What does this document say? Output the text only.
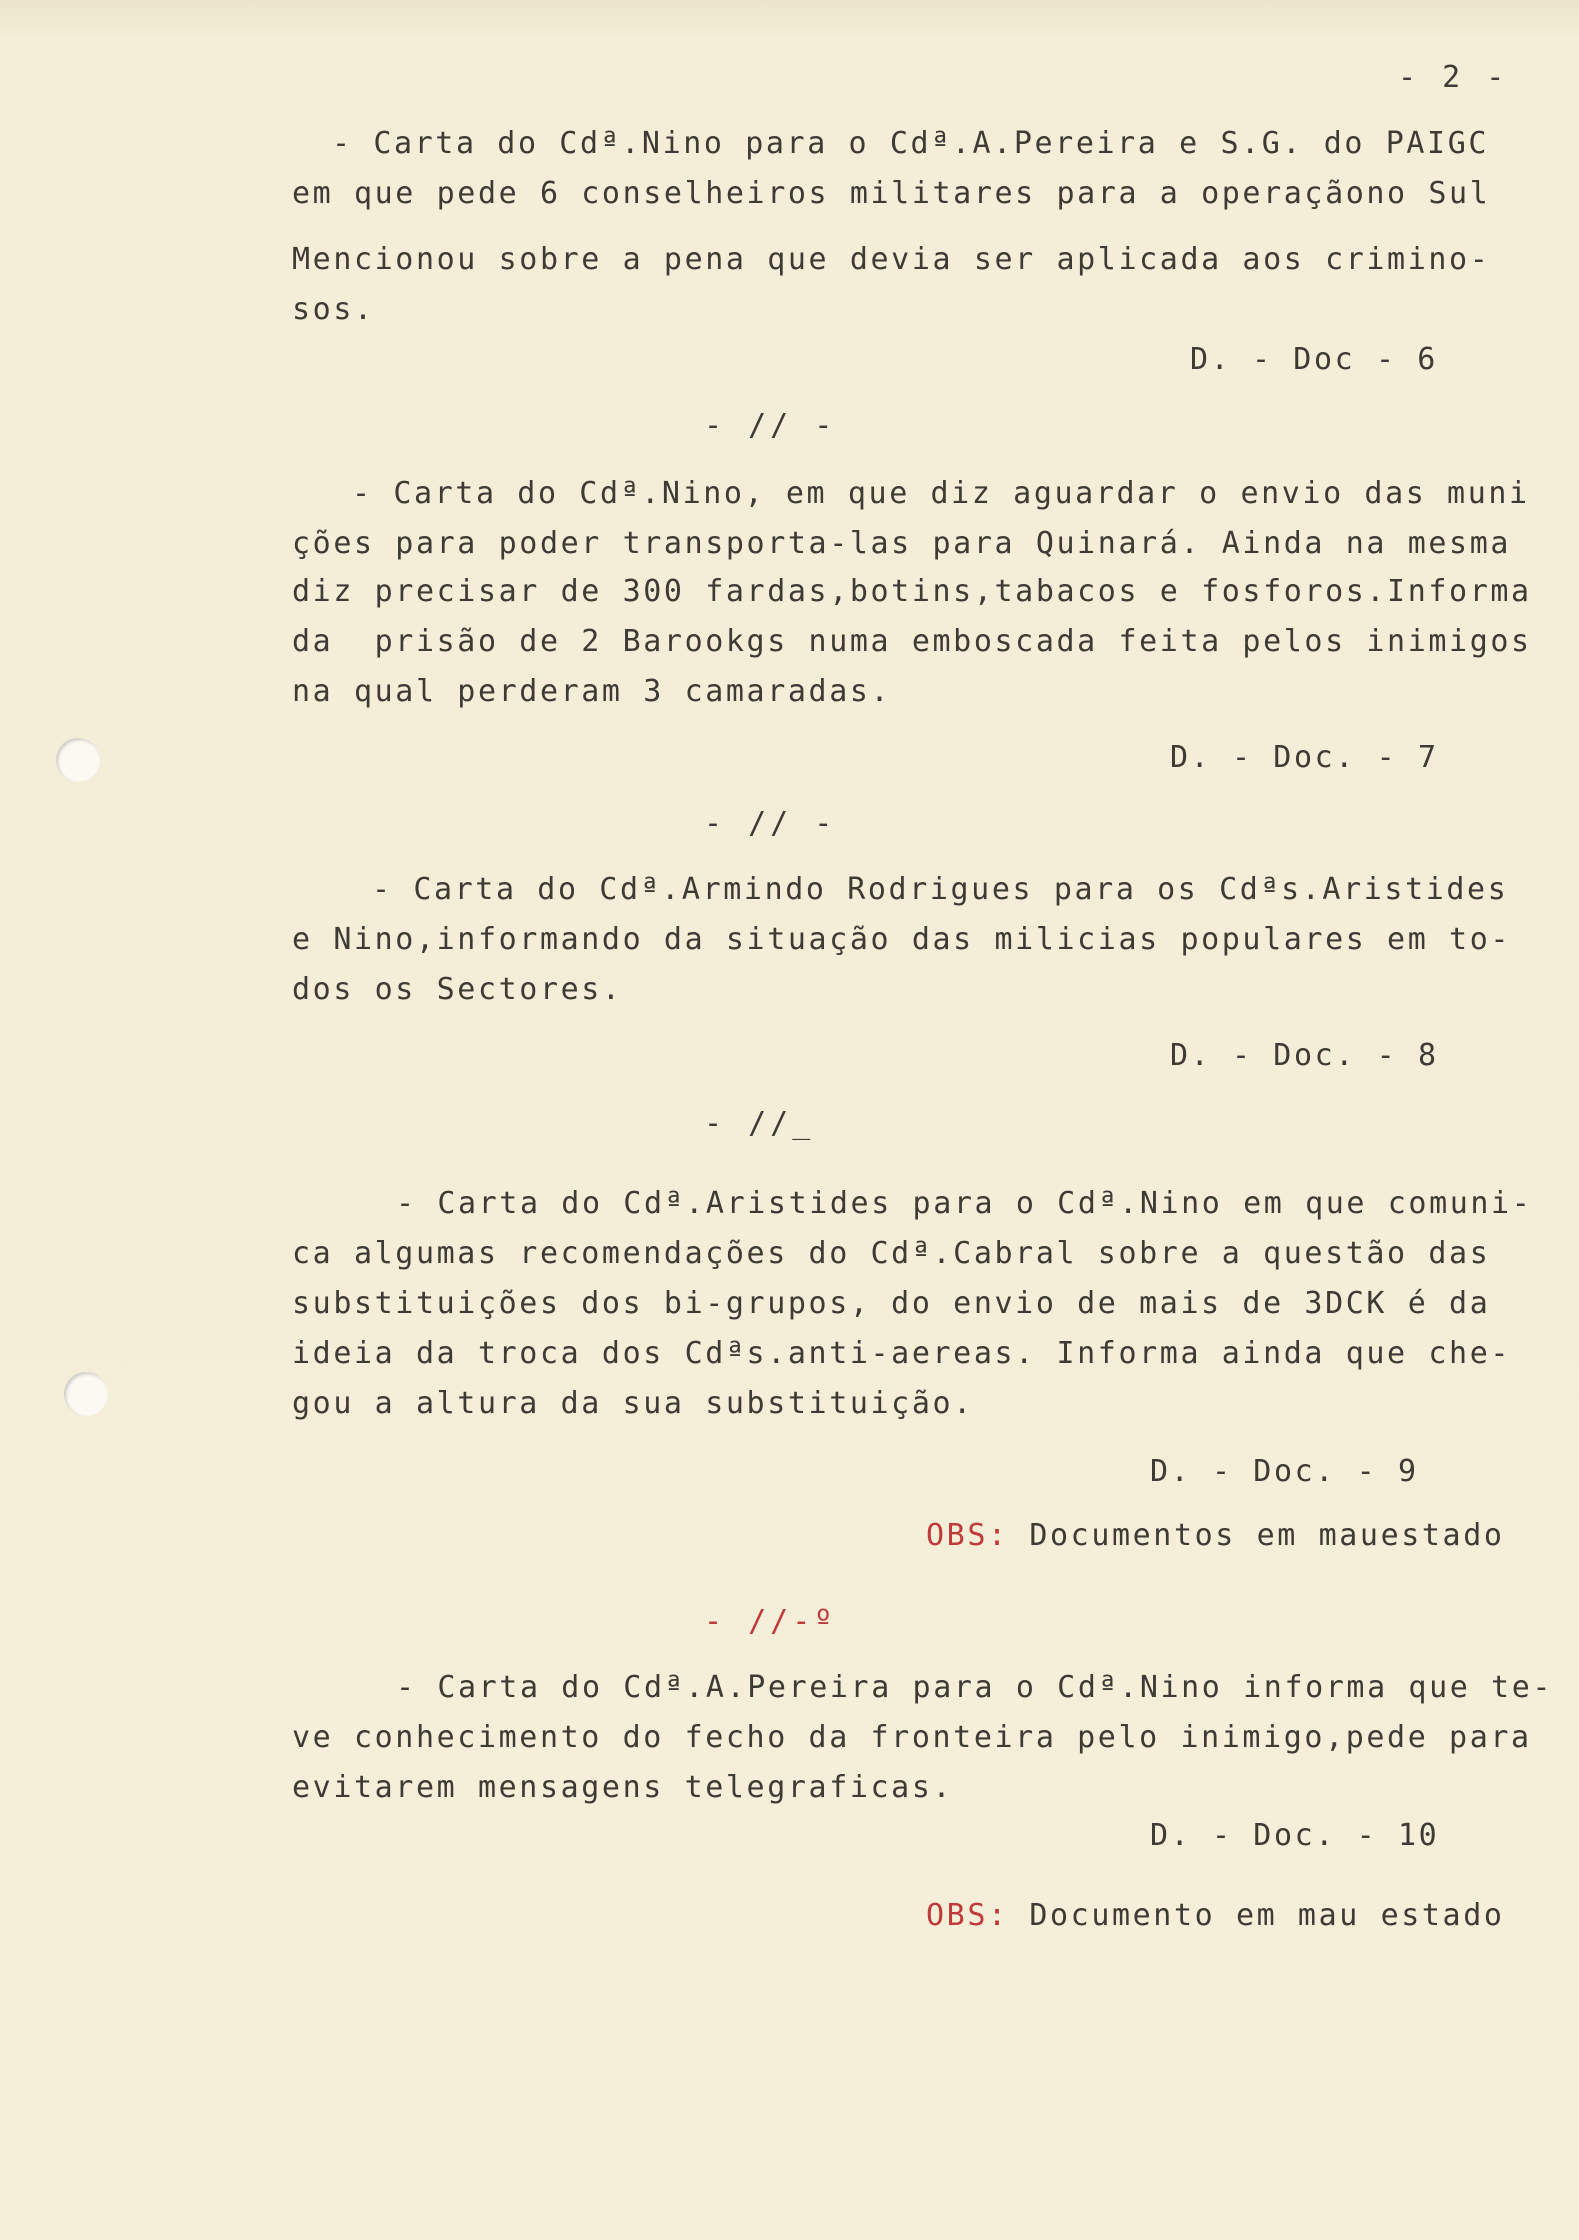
- 2 -
- Carta do Cdª.Nino para o Cdª.A.Pereira e S.G. do PAIGC
em que pede 6 conselheiros militares para a operaçãono Sul
Mencionou sobre a pena que devia ser aplicada aos crimino-
sos.
D. - Doc - 6
- // -
- Carta do Cdª.Nino, em que diz aguardar o envio das muni
ções para poder transporta-las para Quinará. Ainda na mesma
diz precisar de 300 fardas,botins,tabacos e fosforos.Informa
da  prisão de 2 Barookgs numa emboscada feita pelos inimigos
na qual perderam 3 camaradas.
D. - Doc. - 7
- // -
- Carta do Cdª.Armindo Rodrigues para os Cdªs.Aristides
e Nino,informando da situação das milicias populares em to-
dos os Sectores.
D. - Doc. - 8
- //_
- Carta do Cdª.Aristides para o Cdª.Nino em que comuni-
ca algumas recomendações do Cdª.Cabral sobre a questão das
substituições dos bi-grupos, do envio de mais de 3DCK é da
ideia da troca dos Cdªs.anti-aereas. Informa ainda que che-
gou a altura da sua substituição.
D. - Doc. - 9
OBS: Documentos em mauestado
- //-º
- Carta do Cdª.A.Pereira para o Cdª.Nino informa que te-
ve conhecimento do fecho da fronteira pelo inimigo,pede para
evitarem mensagens telegraficas.
D. - Doc. - 10
OBS: Documento em mau estado
